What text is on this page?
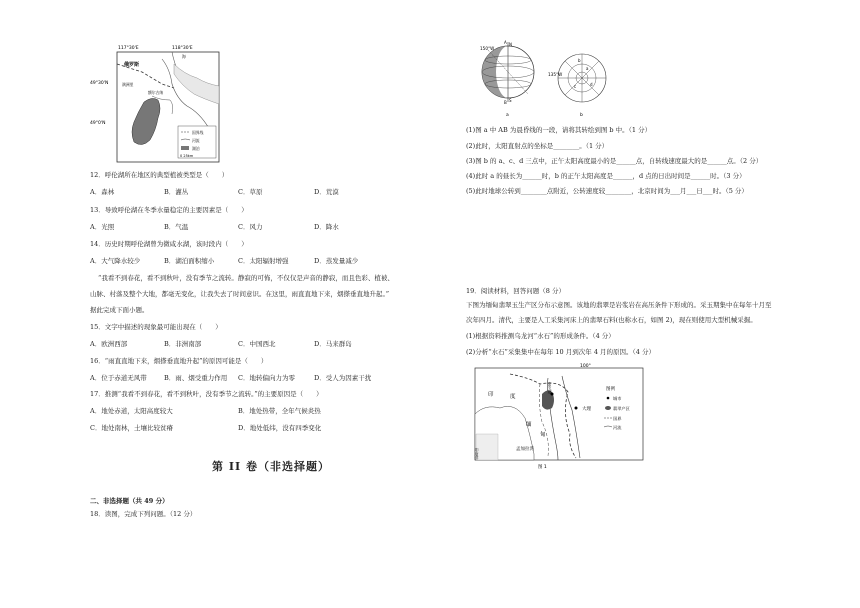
117°30'E	118°30'E
49°30'N
49°0'N
俄罗斯
满洲里
海
额尔古纳
国界线
河流
湖泊
0 25km
12．呼伦湖所在地区的典型植被类型是（　　）
A．森林	B．灌丛	C．草原	D．荒漠
13．导致呼伦湖在冬季水量稳定的主要因素是（　　）
A．光照	B．气温	C．风力	D．降水
14．历史时期呼伦湖曾为微咸水湖，该时段内（　　）
A．大气降水较少	B．湖泊面积缩小	C．太阳辐射增强	D．蒸发量减少
“我看不到春花，看不到秋叶，没有季节之流转。静寂的可怖，不仅仅是声音的静寂，而且色彩、植被、
山脉、村落及整个大地，都毫无变化，让我失去了时间意识。在这里，雨直直地下来，烟搽垂直地升起。”
据此完成下面小题。
15．文字中描述的现象最可能出现在（　　）
A．欧洲西部	B．非洲南部	C．中国西北	D．马来群岛
16．“雨直直地下来，烟搽垂直地升起”的原因可能是（　　）
A．位于赤道无风带	B．雨、烟受重力作用 C．地转偏向力为零	D．受人为因素干扰
17．推测“我看不到春花，看不到秋叶，没有季节之流转。”的主要原因是（　　）
A．地处赤道，太阳高度较大	B．地处热带，全年气候炎热
C．地处南林，土壤比较贫瘠	D．地处低纬，没有四季变化
第 II 卷（非选择题）
二、非选择题（共 49 分）
18．读图，完成下列问题。（12 分）
150°W
N
S
A
B
135°W
a
c	d
b
a	b
(1)图 a 中 AB 为晨昏线的一段，请将其转绘到图 b 中。（1 分）
(2)此时，太阳直射点的坐标是________。（1 分）
(3)图 b 的 a、c、d 三点中，正午太阳高度最小的是______点，自转线速度最大的是______点。（2 分）
(4)此时 a 的昼长为______时，b 的正午太阳高度是______，d 点的日出时间是______时。（3 分）
(5)此时地球公转到________点附近，公转速度较________，北京时间为___月___日___时。（5 分）
19．阅读材料，回答问题（8 分）
下图为缅甸翡翠玉生产区分布示意图。该地的翡翠是岩浆岩在高压条件下形成的。采玉期集中在每年十月至
次年四月。清代，主要是人工采集河床上的翡翠石料(也称水石，如图 2)，现在则使用大型机械采掘。
(1)根据资料推测乌龙河“水石”的形成条件。（4 分）
(2)分析“水石”采集集中在每年 10 月到次年 4 月的原因。（4 分）
100°
印	度
缅
甸
孟加拉湾
印度洋
大理
密支那	图例
城市
翡翠产区
国界
河流
图 1
